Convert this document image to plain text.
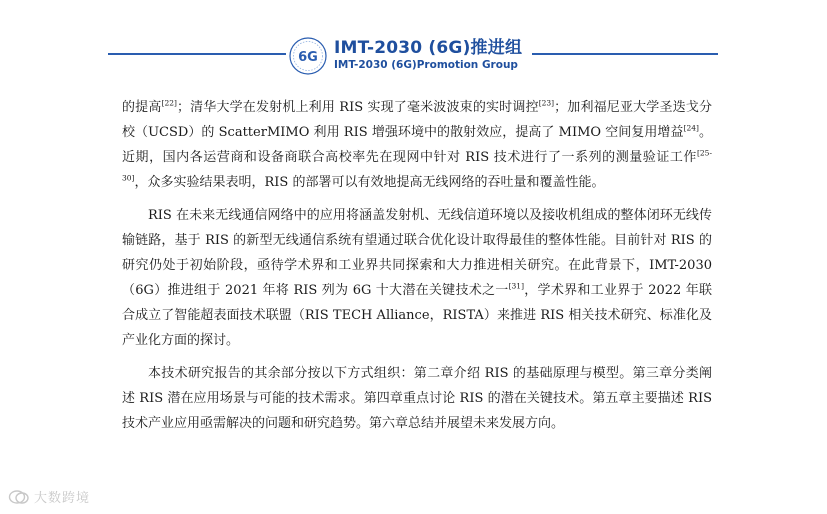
6G IMT-2030 (6G)推进组
IMT-2030 (6G)Promotion Group

的提高[22]；清华大学在发射机上利用 RIS 实现了毫米波波束的实时调控[23]；加利福尼亚大学圣迭戈分校（UCSD）的 ScatterMIMO 利用 RIS 增强环境中的散射效应，提高了 MIMO 空间复用增益[24]。近期，国内各运营商和设备商联合高校率先在现网中针对 RIS 技术进行了一系列的测量验证工作[25-30]，众多实验结果表明，RIS 的部署可以有效地提高无线网络的吞吐量和覆盖性能。

RIS 在未来无线通信网络中的应用将涵盖发射机、无线信道环境以及接收机组成的整体闭环无线传输链路，基于 RIS 的新型无线通信系统有望通过联合优化设计取得最佳的整体性能。目前针对 RIS 的研究仍处于初始阶段，亟待学术界和工业界共同探索和大力推进相关研究。在此背景下，IMT-2030（6G）推进组于 2021 年将 RIS 列为 6G 十大潜在关键技术之一[31]，学术界和工业界于 2022 年联合成立了智能超表面技术联盟（RIS TECH Alliance，RISTA）来推进 RIS 相关技术研究、标准化及产业化方面的探讨。

本技术研究报告的其余部分按以下方式组织：第二章介绍 RIS 的基础原理与模型。第三章分类阐述 RIS 潜在应用场景与可能的技术需求。第四章重点讨论 RIS 的潜在关键技术。第五章主要描述 RIS 技术产业应用亟需解决的问题和研究趋势。第六章总结并展望未来发展方向。

大数跨境
